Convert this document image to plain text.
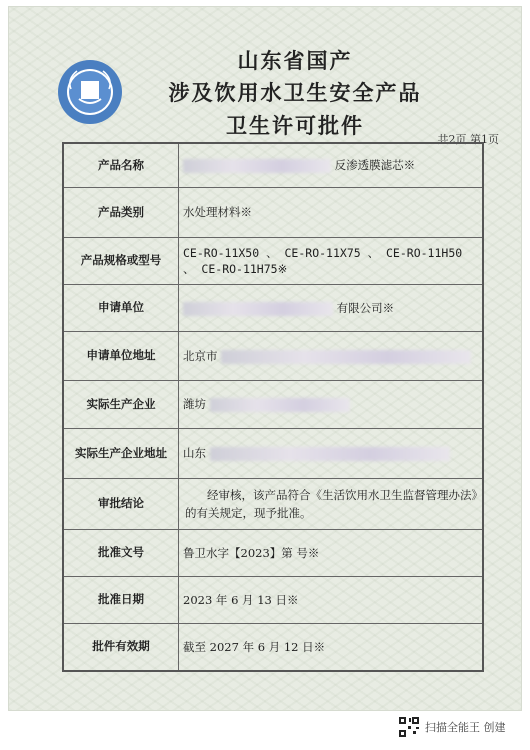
山东省国产
涉及饮用水卫生安全产品
卫生许可批件
共2页 第1页
产品名称	反渗透膜滤芯※
产品类别	水处理材料※
产品规格或型号	CE-RO-11X50 、 CE-RO-11X75 、 CE-RO-11H50 、 CE-RO-11H75※
申请单位	有限公司※
申请单位地址	北京市
实际生产企业	潍坊
实际生产企业地址	山东
审批结论	经审核，该产品符合《生活饮用水卫生监督管理办法》的有关规定，现予批准。
批准文号	鲁卫水字【2023】第 号※
批准日期	2023 年 6 月 13 日※
批件有效期	截至 2027 年 6 月 12 日※
扫描全能王 创建
